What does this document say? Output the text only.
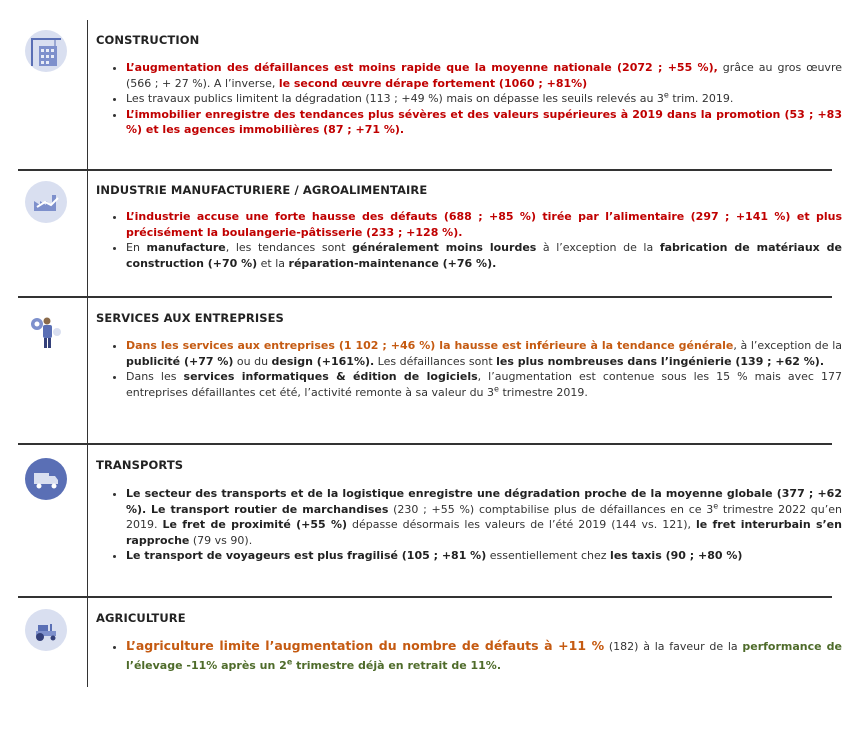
CONSTRUCTION
• L’augmentation des défaillances est moins rapide que la moyenne nationale (2072 ; +55 %), grâce au gros œuvre (566 ; + 27 %). A l’inverse, le second œuvre dérape fortement (1060 ; +81%)
• Les travaux publics limitent la dégradation (113 ; +49 %) mais on dépasse les seuils relevés au 3e trim. 2019.
• L’immobilier enregistre des tendances plus sévères et des valeurs supérieures à 2019 dans la promotion (53 ; +83 %) et les agences immobilières (87 ; +71 %).
INDUSTRIE MANUFACTURIERE / AGROALIMENTAIRE
• L’industrie accuse une forte hausse des défauts (688 ; +85 %) tirée par l’alimentaire (297 ; +141 %) et plus précisément la boulangerie-pâtisserie (233 ; +128 %).
• En manufacture, les tendances sont généralement moins lourdes à l’exception de la fabrication de matériaux de construction (+70 %) et la réparation-maintenance (+76 %).
SERVICES AUX ENTREPRISES
• Dans les services aux entreprises (1 102 ; +46 %) la hausse est inférieure à la tendance générale, à l’exception de la publicité (+77 %) ou du design (+161%). Les défaillances sont les plus nombreuses dans l’ingénierie (139 ; +62 %).
• Dans les services informatiques & édition de logiciels, l’augmentation est contenue sous les 15 % mais avec 177 entreprises défaillantes cet été, l’activité remonte à sa valeur du 3e trimestre 2019.
TRANSPORTS
• Le secteur des transports et de la logistique enregistre une dégradation proche de la moyenne globale (377 ; +62 %). Le transport routier de marchandises (230 ; +55 %) comptabilise plus de défaillances en ce 3e trimestre 2022 qu’en 2019. Le fret de proximité (+55 %) dépasse désormais les valeurs de l’été 2019 (144 vs. 121), le fret interurbain s’en rapproche (79 vs 90).
• Le transport de voyageurs est plus fragilisé (105 ; +81 %) essentiellement chez les taxis (90 ; +80 %)
AGRICULTURE
• L’agriculture limite l’augmentation du nombre de défauts à +11 % (182) à la faveur de la performance de l’élevage -11% après un 2e trimestre déjà en retrait de 11%.
